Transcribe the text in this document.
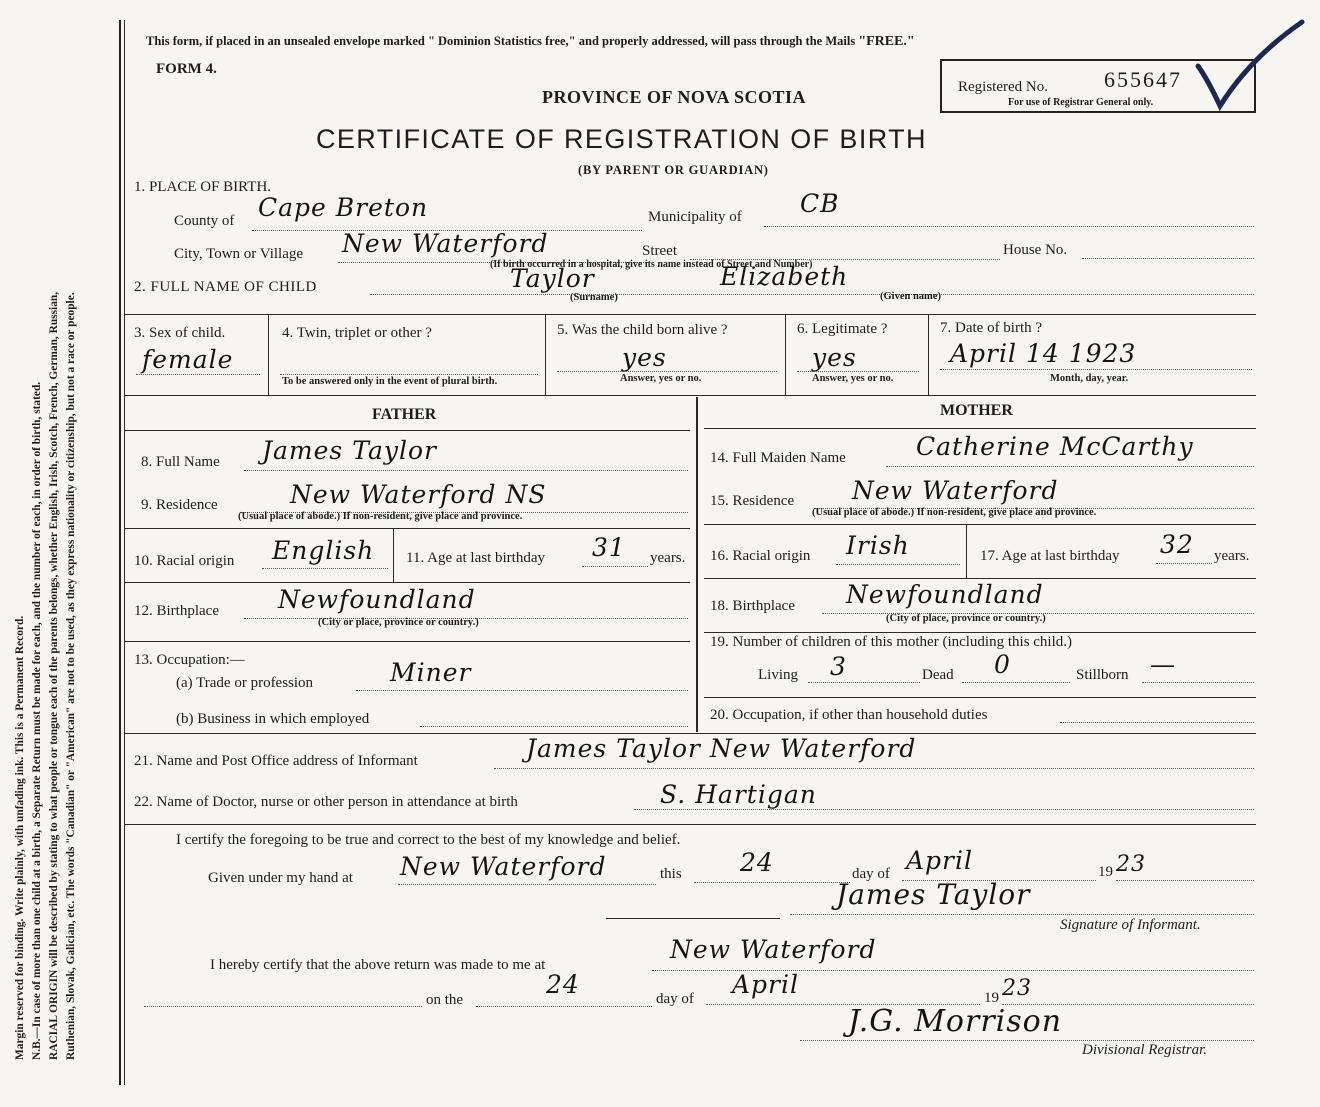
Margin reserved for binding. Write plainly, with unfading ink. This is a Permanent Record. N.B.—In case of more than one child at a birth, a Separate Return must be made for each, and the number of each, in order of birth, stated. RACIAL ORIGIN will be described by stating to what people or tongue each of the parents belongs, whether English, Irish, Scotch, French, German, Russian, Ruthenian, Slovak, Galician, etc. The words "Canadian" or "American" are not to be used, as they express nationality or citizenship, but not a race or people.
This form, if placed in an unsealed envelope marked " Dominion Statistics free," and properly addressed, will pass through the Mails "FREE."
FORM 4.
PROVINCE OF NOVA SCOTIA
CERTIFICATE OF REGISTRATION OF BIRTH
(BY PARENT OR GUARDIAN)
Registered No.	655647
For use of Registrar General only.
1. PLACE OF BIRTH.
County of Cape Breton	Municipality of CB
City, Town or Village New Waterford	Street
(If birth occurred in a hospital, give its name instead of Street and Number)
House No.
2. FULL NAME OF CHILD	Taylor
(Surname)
Elizabeth
(Given name)
3. Sex of child.
female
4. Twin, triplet or other ?
To be answered only in the event of plural birth.
5. Was the child born alive ?
yes
Answer, yes or no.
6. Legitimate ?
yes
Answer, yes or no.
7. Date of birth ?
April 14 1923
Month, day, year.
FATHER	MOTHER
8. Full Name James Taylor
9. Residence	New Waterford NS
(Usual place of abode.) If non-resident, give place and province.
10. Racial origin English 11. Age at last birthday 31 years.
12. Birthplace Newfoundland
(City or place, province or country.)
13. Occupation:—
(a) Trade or profession	Miner
(b) Business in which employed
14. Full Maiden Name	Catherine McCarthy
15. Residence New Waterford
(Usual place of abode.) If non-resident, give place and province.
16. Racial origin Irish	17. Age at last birthday 32 years.
18. Birthplace Newfoundland
(City of place, province or country.)
19. Number of children of this mother (including this child.)
Living 3	Dead 0	Stillborn —
20. Occupation, if other than household duties
21. Name and Post Office address of Informant	James Taylor New Waterford
22. Name of Doctor, nurse or other person in attendance at birth	S. Hartigan
I certify the foregoing to be true and correct to the best of my knowledge and belief.
Given under my hand at New Waterford	this 24	day of April	19 23
James Taylor
Signature of Informant.
I hereby certify that the above return was made to me at
New Waterford
on the
24	day of April	19 23
J.G. Morrison
Divisional Registrar.
